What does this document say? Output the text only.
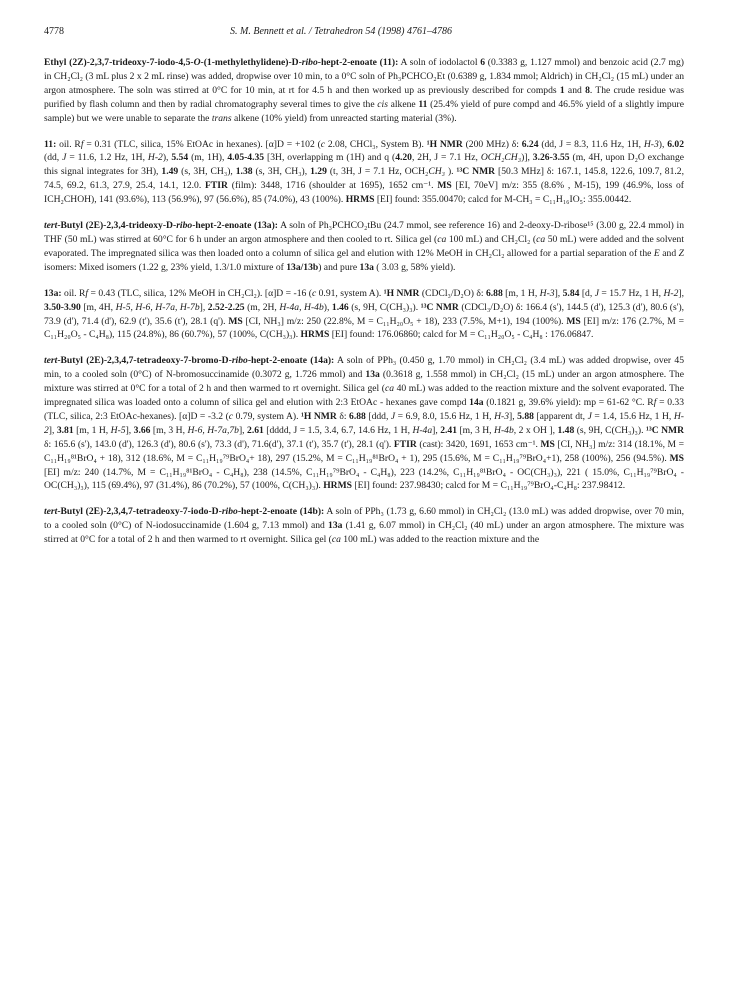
4778	S. M. Bennett et al. / Tetrahedron 54 (1998) 4761–4786

Ethyl (2Z)-2,3,7-trideoxy-7-iodo-4,5-O-(1-methylethylidene)-D-ribo-hept-2-enoate (11): A soln of iodolactol 6 (0.3383 g, 1.127 mmol) and benzoic acid (2.7 mg) in CH₂Cl₂ (3 mL plus 2 x 2 mL rinse) was added, dropwise over 10 min, to a 0°C soln of Ph₃PCHCO₂Et (0.6389 g, 1.834 mmol; Aldrich) in CH₂Cl₂ (15 mL) under an argon atmosphere. The soln was stirred at 0°C for 10 min, at rt for 4.5 h and then worked up as previously described for compds 1 and 8. The crude residue was purified by flash column and then by radial chromatography several times to give the cis alkene 11 (25.4% yield of pure compd and 46.5% yield of a slightly impure sample) but we were unable to separate the trans alkene (10% yield) from unreacted starting material (3%).

11: oil. Rf = 0.31 (TLC, silica, 15% EtOAc in hexanes). [α]D = +102 (c 2.08, CHCl₃, System B). ¹H NMR (200 MHz) δ: 6.24 (dd, J = 8.3, 11.6 Hz, 1H, H-3), 6.02 (dd, J = 11.6, 1.2 Hz, 1H, H-2), 5.54 (m, 1H), 4.05-4.35 [3H, overlapping m (1H) and q (4.20, 2H, J = 7.1 Hz, OCH₂CH₃)], 3.26-3.55 (m, 4H, upon D₂O exchange this signal integrates for 3H), 1.49 (s, 3H, CH₃), 1.38 (s, 3H, CH₃), 1.29 (t, 3H, J = 7.1 Hz, OCH₂CH₃ ). ¹³C NMR [50.3 MHz] δ: 167.1, 145.8, 122.6, 109.7, 81.2, 74.5, 69.2, 61.3, 27.9, 25.4, 14.1, 12.0. FTIR (film): 3448, 1716 (shoulder at 1695), 1652 cm⁻¹. MS [EI, 70eV] m/z: 355 (8.6% , M-15), 199 (46.9%, loss of ICH₂CHOH), 141 (93.6%), 113 (56.9%), 97 (56.6%), 85 (74.0%), 43 (100%). HRMS [EI] found: 355.00470; calcd for M-CH₃ = C₁₁H₁₆IO₅: 355.00442.

tert-Butyl (2E)-2,3,4-trideoxy-D-ribo-hept-2-enoate (13a): A soln of Ph₃PCHCO₂tBu (24.7 mmol, see reference 16) and 2-deoxy-D-ribose¹⁵ (3.00 g, 22.4 mmol) in THF (50 mL) was stirred at 60°C for 6 h under an argon atmosphere and then cooled to rt. Silica gel (ca 100 mL) and CH₂Cl₂ (ca 50 mL) were added and the solvent evaporated. The impregnated silica was then loaded onto a column of silica gel and elution with 12% MeOH in CH₂Cl₂ allowed for a partial separation of the E and Z isomers: Mixed isomers (1.22 g, 23% yield, 1.3/1.0 mixture of 13a/13b) and pure 13a ( 3.03 g, 58% yield).

13a: oil. Rf = 0.43 (TLC, silica, 12% MeOH in CH₂Cl₂). [α]D = -16 (c 0.91, system A). ¹H NMR (CDCl₃/D₂O) δ: 6.88 [m, 1 H, H-3], 5.84 [d, J = 15.7 Hz, 1 H, H-2], 3.50-3.90 [m, 4H, H-5, H-6, H-7a, H-7b], 2.52-2.25 (m, 2H, H-4a, H-4b), 1.46 (s, 9H, C(CH₃)₃). ¹³C NMR (CDCl₃/D₂O) δ: 166.4 (s'), 144.5 (d'), 125.3 (d'), 80.6 (s'), 73.9 (d'), 71.4 (d'), 62.9 (t'), 35.6 (t'), 28.1 (q'). MS [CI, NH₃] m/z: 250 (22.8%, M = C₁₁H₂₀O₅ + 18), 233 (7.5%, M+1), 194 (100%). MS [EI] m/z: 176 (2.7%, M = C₁₁H₂₀O₅ - C₄H₈), 115 (24.8%), 86 (60.7%), 57 (100%, C(CH₃)₃). HRMS [EI] found: 176.06860; calcd for M = C₁₁H₂₀O₅ - C₄H₈ : 176.06847.

tert-Butyl (2E)-2,3,4,7-tetradeoxy-7-bromo-D-ribo-hept-2-enoate (14a): A soln of PPh₃ (0.450 g, 1.70 mmol) in CH₂Cl₂ (3.4 mL) was added dropwise, over 45 min, to a cooled soln (0°C) of N-bromosuccinamide (0.3072 g, 1.726 mmol) and 13a (0.3618 g, 1.558 mmol) in CH₂Cl₂ (15 mL) under an argon atmosphere. The mixture was stirred at 0°C for a total of 2 h and then warmed to rt overnight. Silica gel (ca 40 mL) was added to the reaction mixture and the solvent evaporated. The impregnated silica was loaded onto a column of silica gel and elution with 2:3 EtOAc - hexanes gave compd 14a (0.1821 g, 39.6% yield): mp = 61-62 °C. Rf = 0.33 (TLC, silica, 2:3 EtOAc-hexanes). [α]D = -3.2 (c 0.79, system A). ¹H NMR δ: 6.88 [ddd, J = 6.9, 8.0, 15.6 Hz, 1 H, H-3], 5.88 [apparent dt, J = 1.4, 15.6 Hz, 1 H, H-2], 3.81 [m, 1 H, H-5], 3.66 [m, 3 H, H-6, H-7a,7b], 2.61 [dddd, J = 1.5, 3.4, 6.7, 14.6 Hz, 1 H, H-4a], 2.41 [m, 3 H, H-4b, 2 x OH ], 1.48 (s, 9H, C(CH₃)₃). ¹³C NMR δ: 165.6 (s'), 143.0 (d'), 126.3 (d'), 80.6 (s'), 73.3 (d'), 71.6(d'), 37.1 (t'), 35.7 (t'), 28.1 (q'). FTIR (cast): 3420, 1691, 1653 cm⁻¹. MS [CI, NH₃] m/z: 314 (18.1%, M = C₁₁H₁₉⁸¹BrO₄ + 18), 312 (18.6%, M = C₁₁H₁₉⁷⁹BrO₄+ 18), 297 (15.2%, M = C₁₁H₁₉⁸¹BrO₄ + 1), 295 (15.6%, M = C₁₁H₁₉⁷⁹BrO₄+1), 258 (100%), 256 (94.5%). MS [EI] m/z: 240 (14.7%, M = C₁₁H₁₉⁸¹BrO₄ - C₄H₈), 238 (14.5%, C₁₁H₁₉⁷⁹BrO₄ - C₄H₈), 223 (14.2%, C₁₁H₁₉⁸¹BrO₄ - OC(CH₃)₃), 221 ( 15.0%, C₁₁H₁₉⁷⁹BrO₄ - OC(CH₃)₃), 115 (69.4%), 97 (31.4%), 86 (70.2%), 57 (100%, C(CH₃)₃). HRMS [EI] found: 237.98430; calcd for M = C₁₁H₁₉⁷⁹BrO₄-C₄H₈: 237.98412.

tert-Butyl (2E)-2,3,4,7-tetradeoxy-7-iodo-D-ribo-hept-2-enoate (14b): A soln of PPh₃ (1.73 g, 6.60 mmol) in CH₂Cl₂ (13.0 mL) was added dropwise, over 70 min, to a cooled soln (0°C) of N-iodosuccinamide (1.604 g, 7.13 mmol) and 13a (1.41 g, 6.07 mmol) in CH₂Cl₂ (40 mL) under an argon atmosphere. The mixture was stirred at 0°C for a total of 2 h and then warmed to rt overnight. Silica gel (ca 100 mL) was added to the reaction mixture and the
